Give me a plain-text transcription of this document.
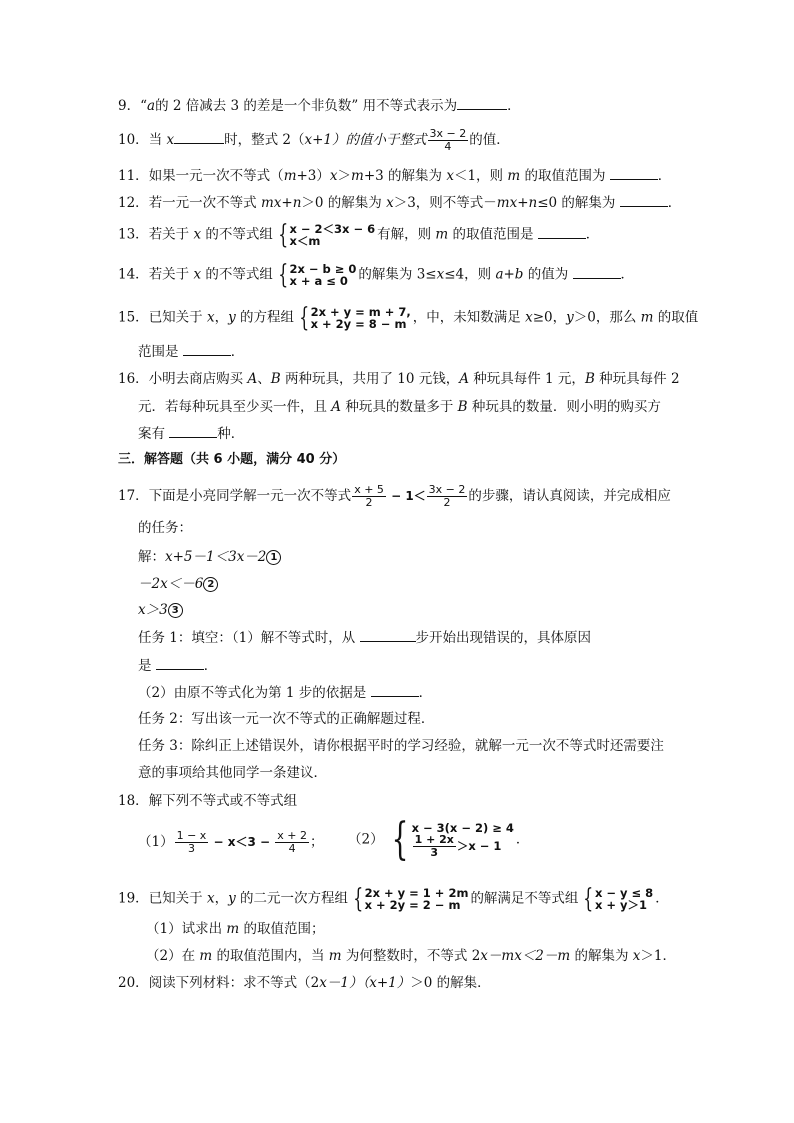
9．“a的 2 倍减去 3 的差是一个非负数” 用不等式表示为	．
10．当 x	时，整式 2（x+1）的值小于整式 $\frac{3x - 2}{4}$ 的值．
11．如果一元一次不等式（m+3）x＞m+3 的解集为 x＜1，则 m 的取值范围为	．
12．若一元一次不等式 mx+n＞0 的解集为 x＞3，则不等式－mx+n≤0 的解集为	．
13．若关于 x 的不等式组 { x − 2＜3x − 6
x＜m	有解，则 m 的取值范围是	．
14．若关于 x 的不等式组 { 2x − b ≥ 0
x + a ≤ 0 的解集为 3≤x≤4，则 a+b 的值为	．
15．已知关于 x，y 的方程组 { 2x + y = m + 7,
x + 2y = 8 − m ，中，未知数满足 x≥0，y＞0，那么 m 的取值
范围是	．
16．小明去商店购买 A、B 两种玩具，共用了 10 元钱，A 种玩具每件 1 元，B 种玩具每件 2
元．若每种玩具至少买一件，且 A 种玩具的数量多于 B 种玩具的数量．则小明的购买方
案有	种．
三．解答题（共 6 小题，满分 40 分）
17．下面是小亮同学解一元一次不等式 $\frac{x + 5}{2} - 1< \frac{3x - 2}{2}$ 的步骤，请认真阅读，并完成相应
的任务：
解：x+5－1＜3x－2 1
－2x＜－6 2
x＞3 3
任务 1：填空：（1）解不等式时，从	步开始出现错误的，具体原因
是	．
（2）由原不等式化为第 1 步的依据是	．
任务 2：写出该一元一次不等式的正确解题过程．
任务 3：除纠正上述错误外，请你根据平时的学习经验，就解一元一次不等式时还需要注
意的事项给其他同学一条建议．
18．解下列不等式或不等式组
$(1) \frac{1 - x}{3} - x<3 - \frac{x + 2}{4}$ ； （2） { x − 3(x − 2) ≥ 4
$\frac{1 + 2x}{3} >x - 1$ ．
19．已知关于 x，y 的二元一次方程组 { 2x + y = 1 + 2m
x + 2y = 2 − m 的解满足不等式组 { x − y ≤ 8
x + y＞1 ．
（1）试求出 m 的取值范围；
（2）在 m 的取值范围内，当 m 为何整数时，不等式 2x－mx＜2－m 的解集为 x＞1．
20．阅读下列材料：求不等式（2x－1）（x+1）＞0 的解集．
